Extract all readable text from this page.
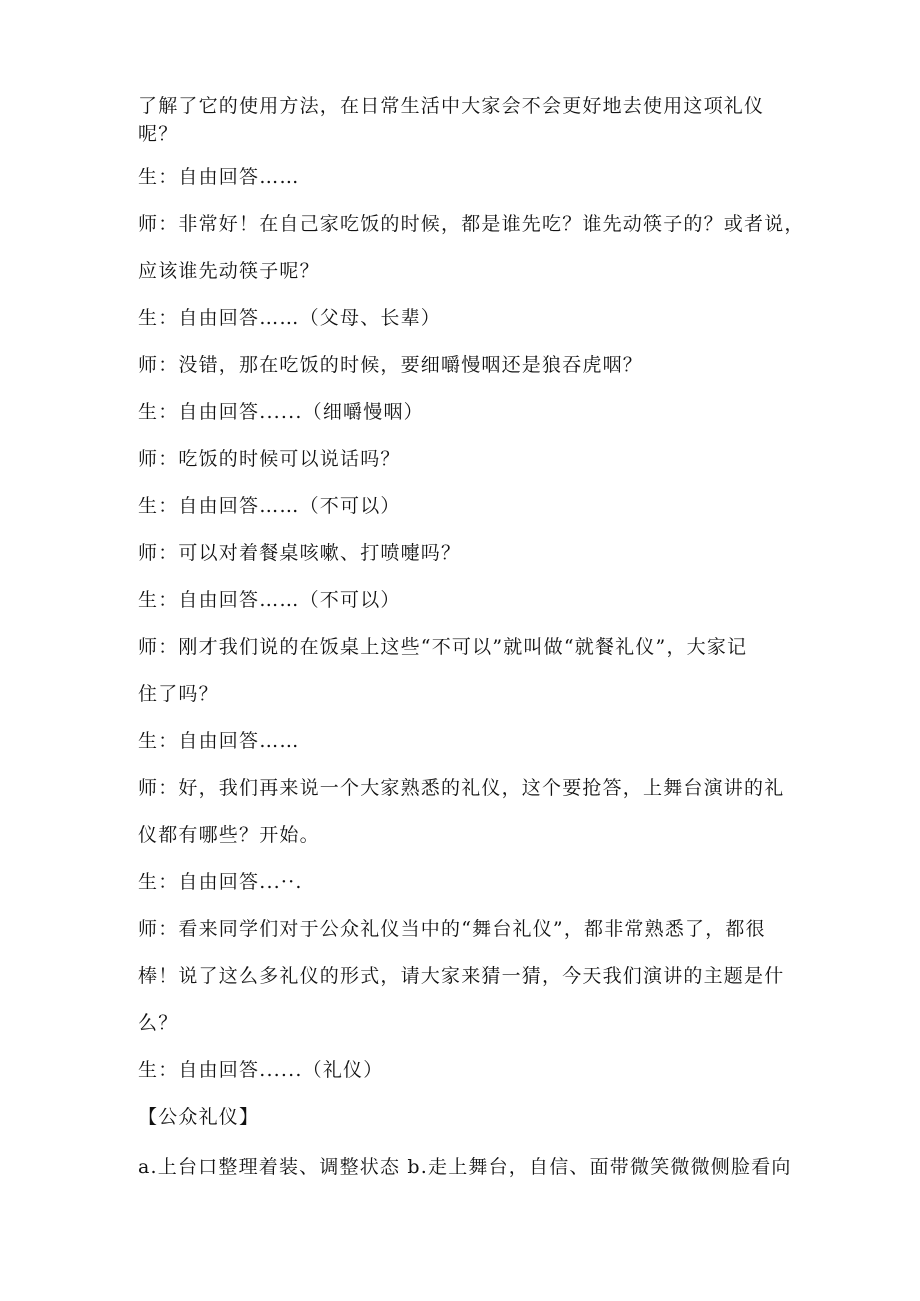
了解了它的使用方法，在日常生活中大家会不会更好地去使用这项礼仪

呢？

生：自由回答……

师：非常好！在自己家吃饭的时候，都是谁先吃？谁先动筷子的？或者说，

应该谁先动筷子呢？

生：自由回答……（父母、长辈）

师：没错，那在吃饭的时候，要细嚼慢咽还是狼吞虎咽？

生：自由回答......（细嚼慢咽）

师：吃饭的时候可以说话吗？

生：自由回答……（不可以）

师：可以对着餐桌咳嗽、打喷嚏吗？

生：自由回答……（不可以）

师：刚才我们说的在饭桌上这些“不可以”就叫做“就餐礼仪”，大家记

住了吗？

生：自由回答……

师：好，我们再来说一个大家熟悉的礼仪，这个要抢答，上舞台演讲的礼

仪都有哪些？开始。

生：自由回答...··.

师：看来同学们对于公众礼仪当中的“舞台礼仪”，都非常熟悉了，都很

棒！说了这么多礼仪的形式，请大家来猜一猜，今天我们演讲的主题是什

么？

生：自由回答......（礼仪）

【公众礼仪】

a.上台口整理着装、调整状态 b.走上舞台，自信、面带微笑微微侧脸看向
